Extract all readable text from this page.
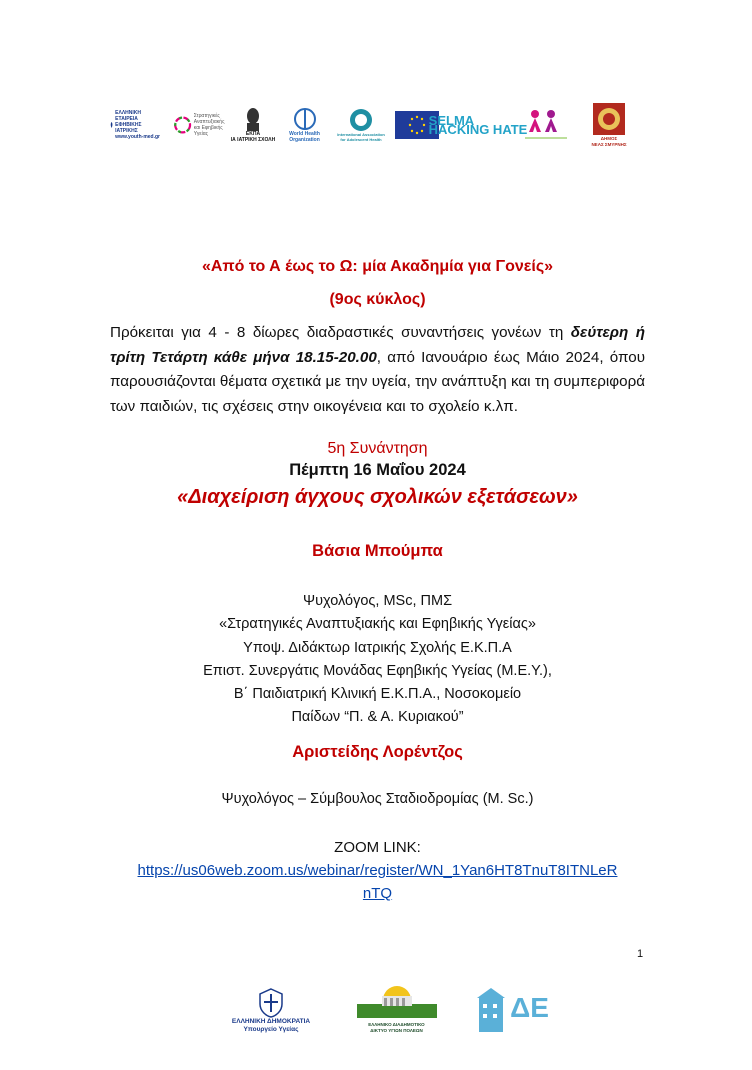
ΕΛΛΗΝΙΚΗ
ΕΤΑΙΡΕΙΑ
ΕΦΗΒΙΚΗΣ
ΙΑΤΡΙΚΗΣ
www.youth-med.gr
Στρατηγικές
Αναπτυξιακής
και Εφηβικής
Υγείας	ΕΚΠΑ
ΙΑ ΙΑΤΡΙΚΗ ΣΧΟΛΗ
World Health
Organization
International Association
for Adolescent Health
SELMA
HACKING HATE
ΔΗΜΟΣ
ΝΕΑΣ ΣΜΥΡΝΗΣ
«Από το Α έως το Ω: μία Ακαδημία για Γονείς»
(9ος κύκλος)
Πρόκειται για 4 - 8 δίωρες διαδραστικές συναντήσεις γονέων τη δεύτερη ή τρίτη Τετάρτη κάθε μήνα 18.15-20.00, από Ιανουάριο έως Μάιο 2024, όπου παρουσιάζονται θέματα σχετικά με την υγεία, την ανάπτυξη και τη συμπεριφορά των παιδιών, τις σχέσεις στην οικογένεια και το σχολείο κ.λπ.
5η Συνάντηση
Πέμπτη 16 Μαΐου 2024
«Διαχείριση άγχους σχολικών εξετάσεων»
Βάσια Μπούμπα
Ψυχολόγος, MSc, ΠΜΣ
«Στρατηγικές Αναπτυξιακής και Εφηβικής Υγείας»
Υποψ. Διδάκτωρ Ιατρικής Σχολής Ε.Κ.Π.Α
Επιστ. Συνεργάτις Μονάδας Εφηβικής Υγείας (Μ.Ε.Υ.),
Β΄ Παιδιατρική Κλινική Ε.Κ.Π.Α., Νοσοκομείο
Παίδων “Π. & Α. Κυριακού”
Αριστείδης Λορέντζος
Ψυχολόγος – Σύμβουλος Σταδιοδρομίας (M. Sc.)
ZOOM LINK:
https://us06web.zoom.us/webinar/register/WN_1Yan6HT8TnuT8ITNLeR
nTQ
1
ΕΛΛΗΝΙΚΗ ΔΗΜΟΚΡΑΤΙΑ
Υπουργείο Υγείας
ΕΛΛΗΝΙΚΟ ΔΙΑΔΗΜΟΤΙΚΟ
ΔΙΚΤΥΟ ΥΓΙΩΝ ΠΟΛΕΩΝ
ΔΕ
